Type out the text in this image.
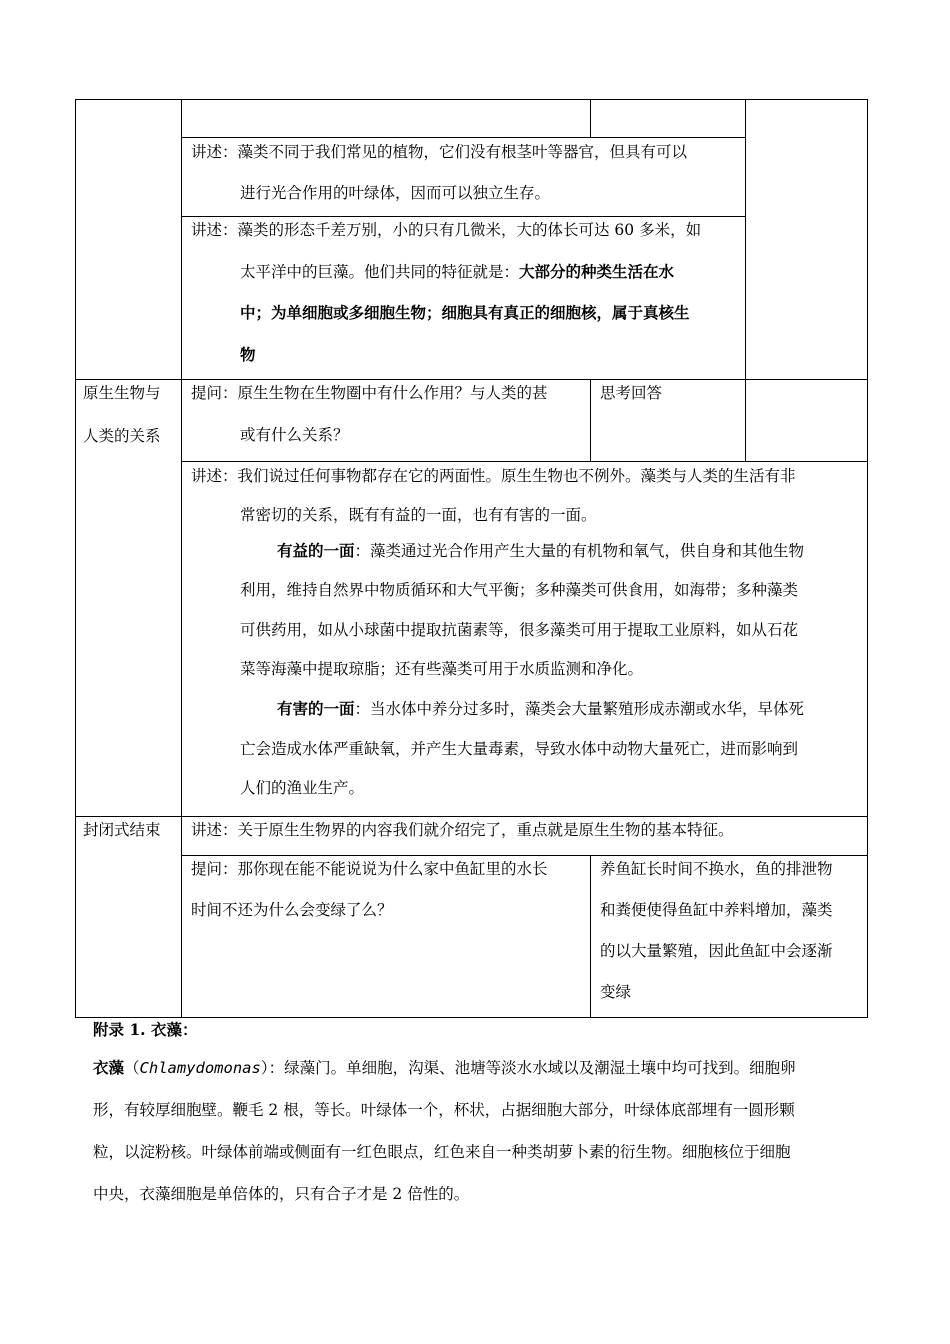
讲述：藻类不同于我们常见的植物，它们没有根茎叶等器官，但具有可以
进行光合作用的叶绿体，因而可以独立生存。
讲述：藻类的形态千差万别，小的只有几微米，大的体长可达 60 多米，如
太平洋中的巨藻。他们共同的特征就是：大部分的种类生活在水
中；为单细胞或多细胞生物；细胞具有真正的细胞核，属于真核生
物
原生生物与
人类的关系
提问：原生生物在生物圈中有什么作用？与人类的甚
或有什么关系？
思考回答
讲述：我们说过任何事物都存在它的两面性。原生生物也不例外。藻类与人类的生活有非
常密切的关系，既有有益的一面，也有有害的一面。
有益的一面：藻类通过光合作用产生大量的有机物和氧气，供自身和其他生物
利用，维持自然界中物质循环和大气平衡；多种藻类可供食用，如海带；多种藻类
可供药用，如从小球菌中提取抗菌素等，很多藻类可用于提取工业原料，如从石花
菜等海藻中提取琼脂；还有些藻类可用于水质监测和净化。
有害的一面：当水体中养分过多时，藻类会大量繁殖形成赤潮或水华，早体死
亡会造成水体严重缺氧，并产生大量毒素，导致水体中动物大量死亡，进而影响到
人们的渔业生产。
封闭式结束 讲述：关于原生生物界的内容我们就介绍完了，重点就是原生生物的基本特征。
提问：那你现在能不能说说为什么家中鱼缸里的水长
时间不还为什么会变绿了么？
养鱼缸长时间不换水，鱼的排泄物
和粪便使得鱼缸中养料增加，藻类
的以大量繁殖，因此鱼缸中会逐渐
变绿
附录 1. 衣藻：
衣藻（Chlamydomonas）：绿藻门。单细胞，沟渠、池塘等淡水水域以及潮湿土壤中均可找到。细胞卵
形，有较厚细胞壁。鞭毛 2 根，等长。叶绿体一个，杯状，占据细胞大部分，叶绿体底部埋有一圆形颗
粒，以淀粉核。叶绿体前端或侧面有一红色眼点，红色来自一种类胡萝卜素的衍生物。细胞核位于细胞
中央，衣藻细胞是单倍体的，只有合子才是 2 倍性的。
